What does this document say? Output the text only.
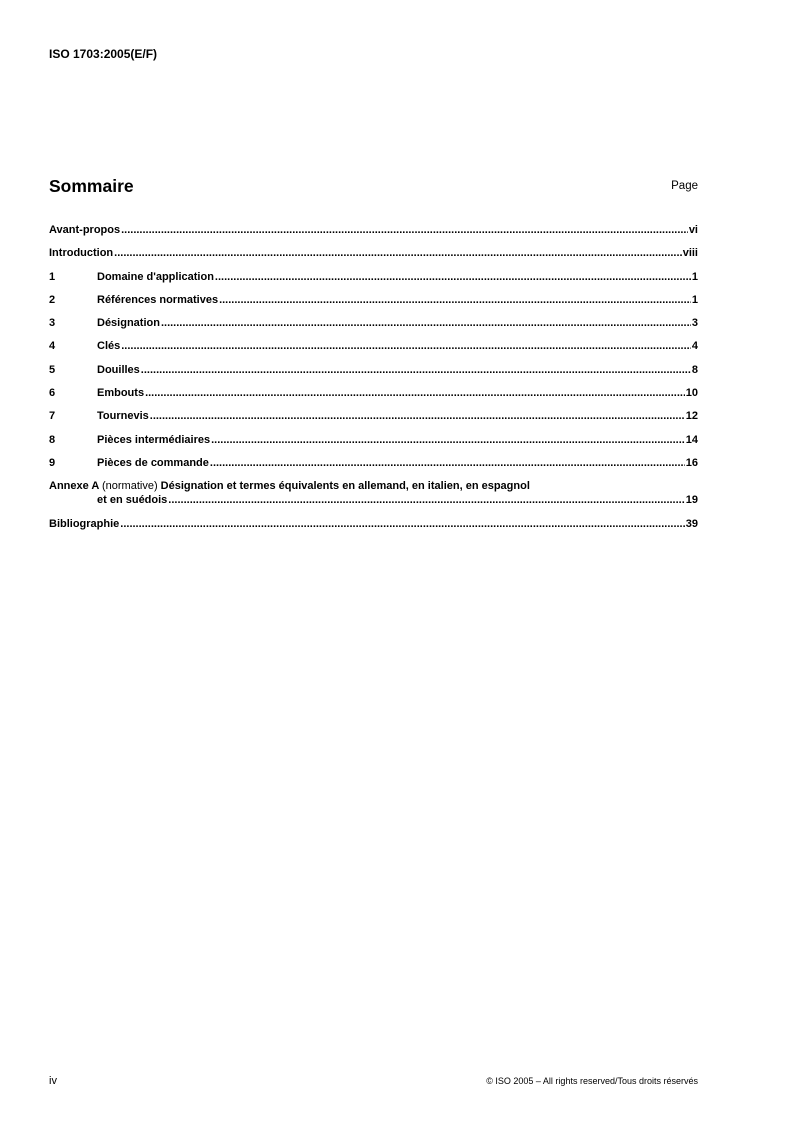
ISO 1703:2005(E/F)
Sommaire	Page
Avant-propos .....	vi
Introduction .....	viii
1	Domaine d'application .....	1
2	Références normatives .....	1
3	Désignation .....	3
4	Clés .....	4
5	Douilles .....	8
6	Embouts .....	10
7	Tournevis .....	12
8	Pièces intermédiaires .....	14
9	Pièces de commande .....	16
Annexe A (normative) Désignation et termes équivalents en allemand, en italien, en espagnol
et en suédois .....	19
Bibliographie .....	39
iv	© ISO 2005 – All rights reserved/Tous droits réservés
